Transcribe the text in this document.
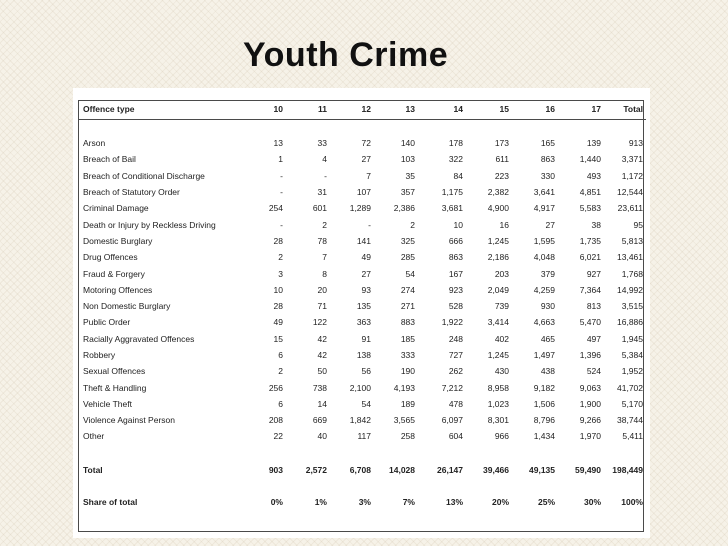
Youth Crime
Offence type	10	11	12	13	14	15	16	17	Total

Arson	13	33	72	140	178	173	165	139	913
Breach of Bail	1	4	27	103	322	611	863	1,440	3,371
Breach of Conditional Discharge	-	-	7	35	84	223	330	493	1,172
Breach of Statutory Order	-	31	107	357	1,175	2,382	3,641	4,851	12,544
Criminal Damage	254	601	1,289	2,386	3,681	4,900	4,917	5,583	23,611
Death or Injury by Reckless Driving	-	2	-	2	10	16	27	38	95
Domestic Burglary	28	78	141	325	666	1,245	1,595	1,735	5,813
Drug Offences	2	7	49	285	863	2,186	4,048	6,021	13,461
Fraud & Forgery	3	8	27	54	167	203	379	927	1,768
Motoring Offences	10	20	93	274	923	2,049	4,259	7,364	14,992
Non Domestic Burglary	28	71	135	271	528	739	930	813	3,515
Public Order	49	122	363	883	1,922	3,414	4,663	5,470	16,886
Racially Aggravated Offences	15	42	91	185	248	402	465	497	1,945
Robbery	6	42	138	333	727	1,245	1,497	1,396	5,384
Sexual Offences	2	50	56	190	262	430	438	524	1,952
Theft & Handling	256	738	2,100	4,193	7,212	8,958	9,182	9,063	41,702
Vehicle Theft	6	14	54	189	478	1,023	1,506	1,900	5,170
Violence Against Person	208	669	1,842	3,565	6,097	8,301	8,796	9,266	38,744
Other	22	40	117	258	604	966	1,434	1,970	5,411

Total	903	2,572	6,708	14,028	26,147	39,466	49,135	59,490	198,449

Share of total	0%	1%	3%	7%	13%	20%	25%	30%	100%
